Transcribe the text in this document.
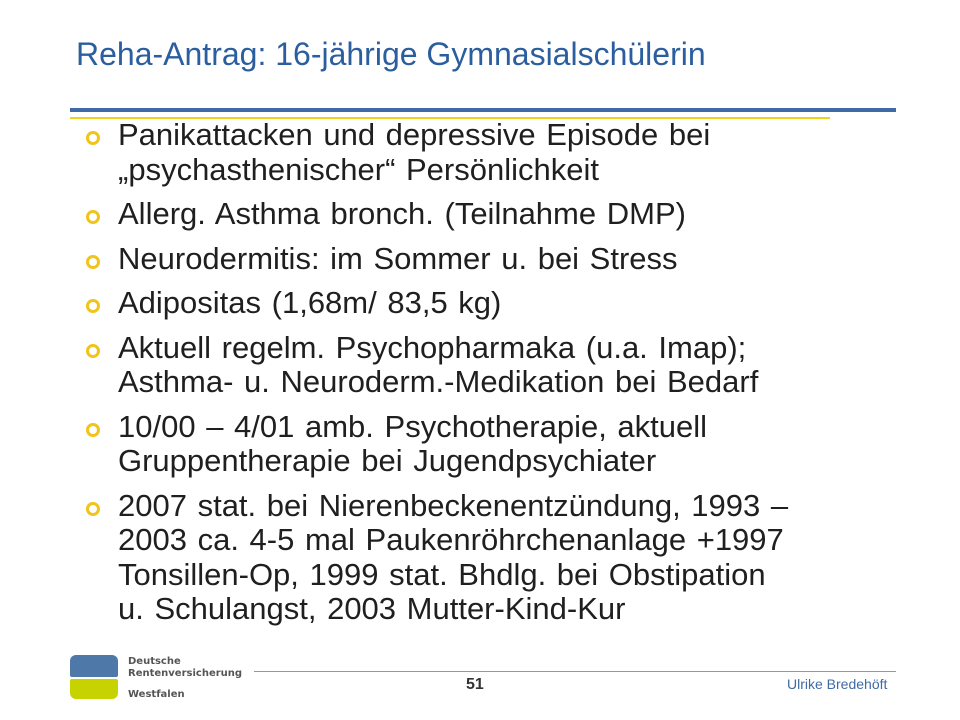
Reha-Antrag: 16-jährige Gymnasialschülerin
Panikattacken und depressive Episode bei
„psychasthenischer“ Persönlichkeit
Allerg. Asthma bronch. (Teilnahme DMP)
Neurodermitis: im Sommer u. bei Stress
Adipositas (1,68m/ 83,5 kg)
Aktuell regelm. Psychopharmaka (u.a. Imap);
Asthma- u. Neuroderm.-Medikation bei Bedarf
10/00 – 4/01 amb. Psychotherapie, aktuell
Gruppentherapie bei Jugendpsychiater
2007 stat. bei Nierenbeckenentzündung, 1993 –
2003 ca. 4-5 mal Paukenröhrchenanlage +1997
Tonsillen-Op, 1999 stat. Bhdlg. bei Obstipation
u. Schulangst, 2003 Mutter-Kind-Kur
Deutsche
Rentenversicherung
Westfalen
51	Ulrike Bredehöft
